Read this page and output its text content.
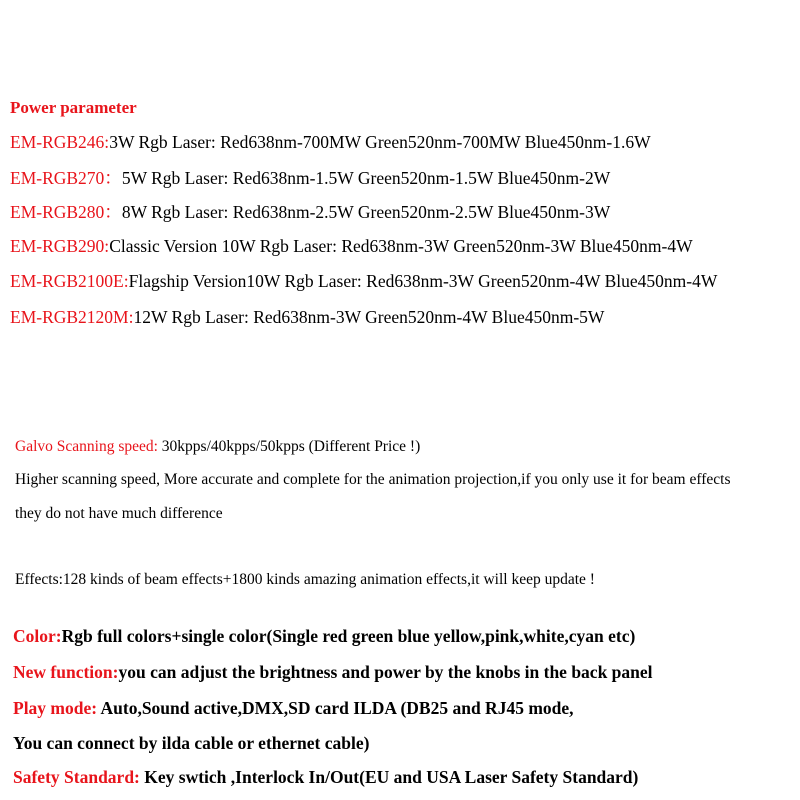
Power parameter
EM-RGB246:3W Rgb Laser: Red638nm-700MW Green520nm-700MW Blue450nm-1.6W
EM-RGB270：5W Rgb Laser: Red638nm-1.5W Green520nm-1.5W Blue450nm-2W
EM-RGB280：8W Rgb Laser: Red638nm-2.5W Green520nm-2.5W Blue450nm-3W
EM-RGB290:Classic Version 10W Rgb Laser: Red638nm-3W Green520nm-3W Blue450nm-4W
EM-RGB2100E:Flagship Version10W Rgb Laser: Red638nm-3W Green520nm-4W Blue450nm-4W
EM-RGB2120M:12W Rgb Laser: Red638nm-3W Green520nm-4W Blue450nm-5W
Galvo Scanning speed: 30kpps/40kpps/50kpps (Different Price !)
Higher scanning speed, More accurate and complete for the animation projection,if you only use it for beam effects
they do not have much difference
Effects:128 kinds of beam effects+1800 kinds amazing animation effects,it will keep update !
Color:Rgb full colors+single color(Single red green blue yellow,pink,white,cyan etc)
New function:you can adjust the brightness and power by the knobs in the back panel
Play mode: Auto,Sound active,DMX,SD card ILDA (DB25 and RJ45 mode,
You can connect by ilda cable or ethernet cable)
Safety Standard: Key swtich ,Interlock In/Out(EU and USA Laser Safety Standard)
